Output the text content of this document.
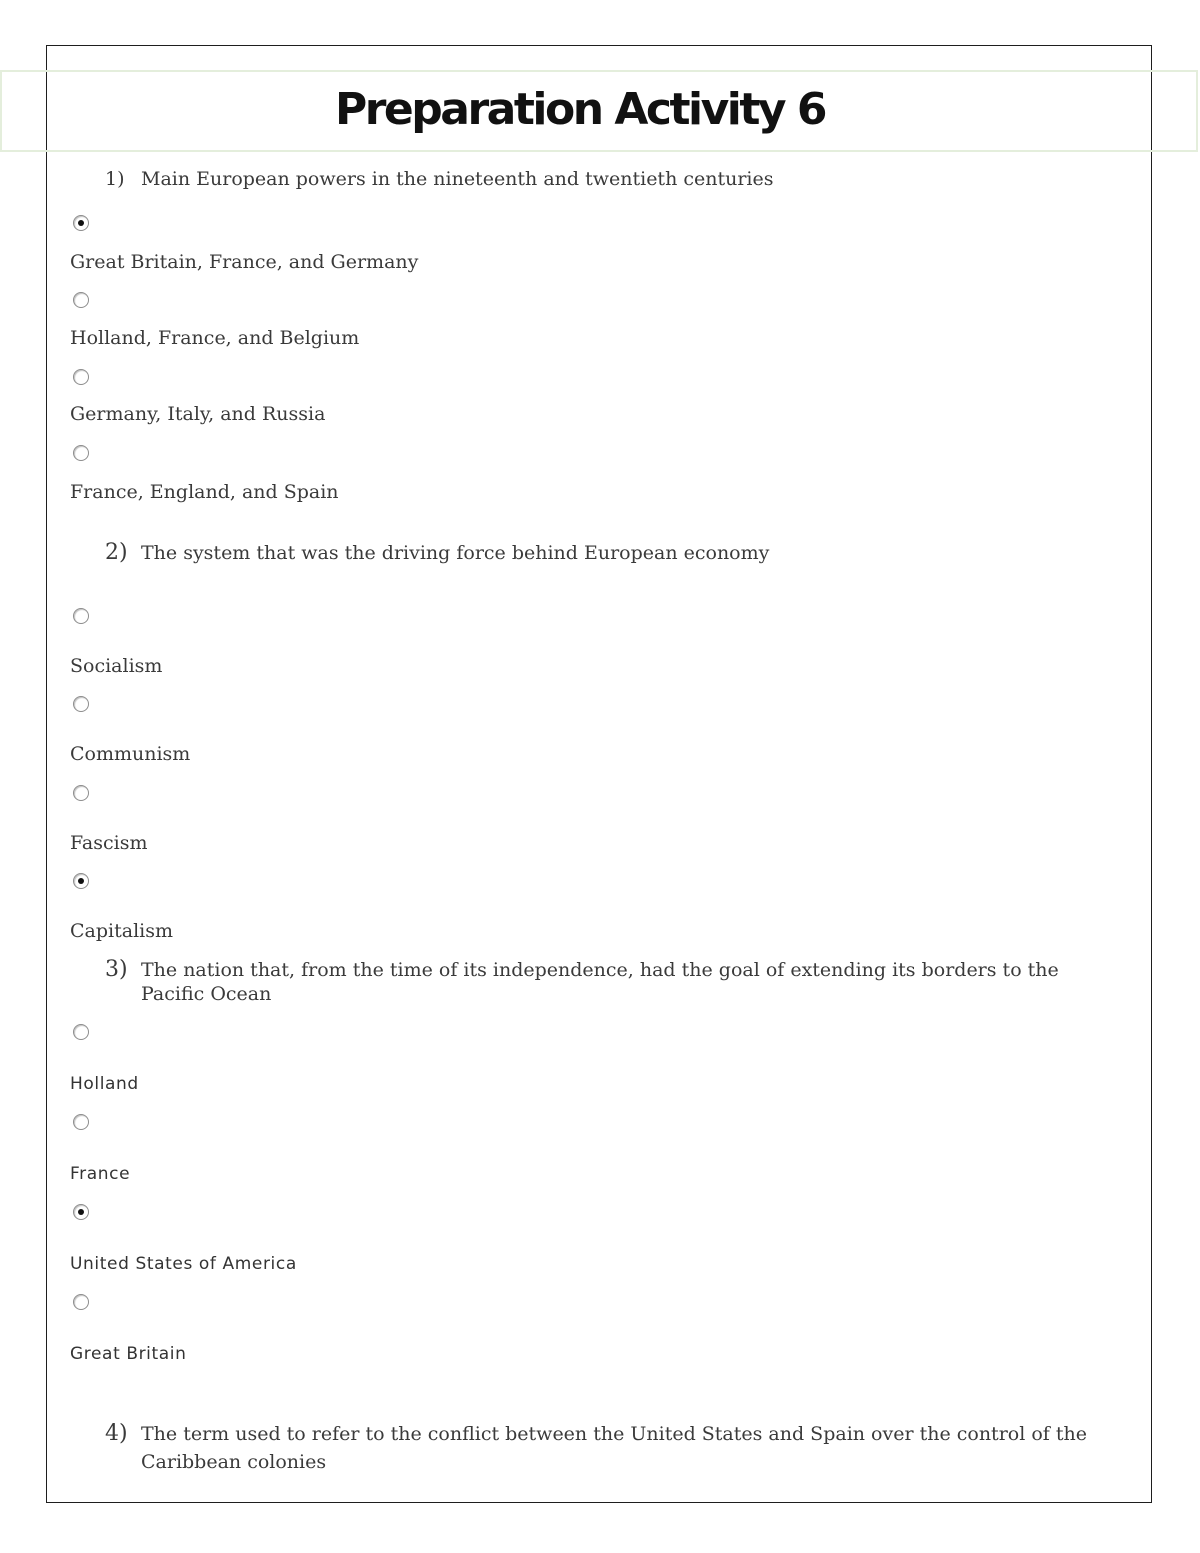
Preparation Activity 6
1) Main European powers in the nineteenth and twentieth centuries
Great Britain, France, and Germany
Holland, France, and Belgium
Germany, Italy, and Russia
France, England, and Spain
2) The system that was the driving force behind European economy
Socialism
Communism
Fascism
Capitalism
3) The nation that, from the time of its independence, had the goal of extending its borders to the Pacific Ocean
Holland
France
United States of America
Great Britain
4) The term used to refer to the conflict between the United States and Spain over the control of the Caribbean colonies
